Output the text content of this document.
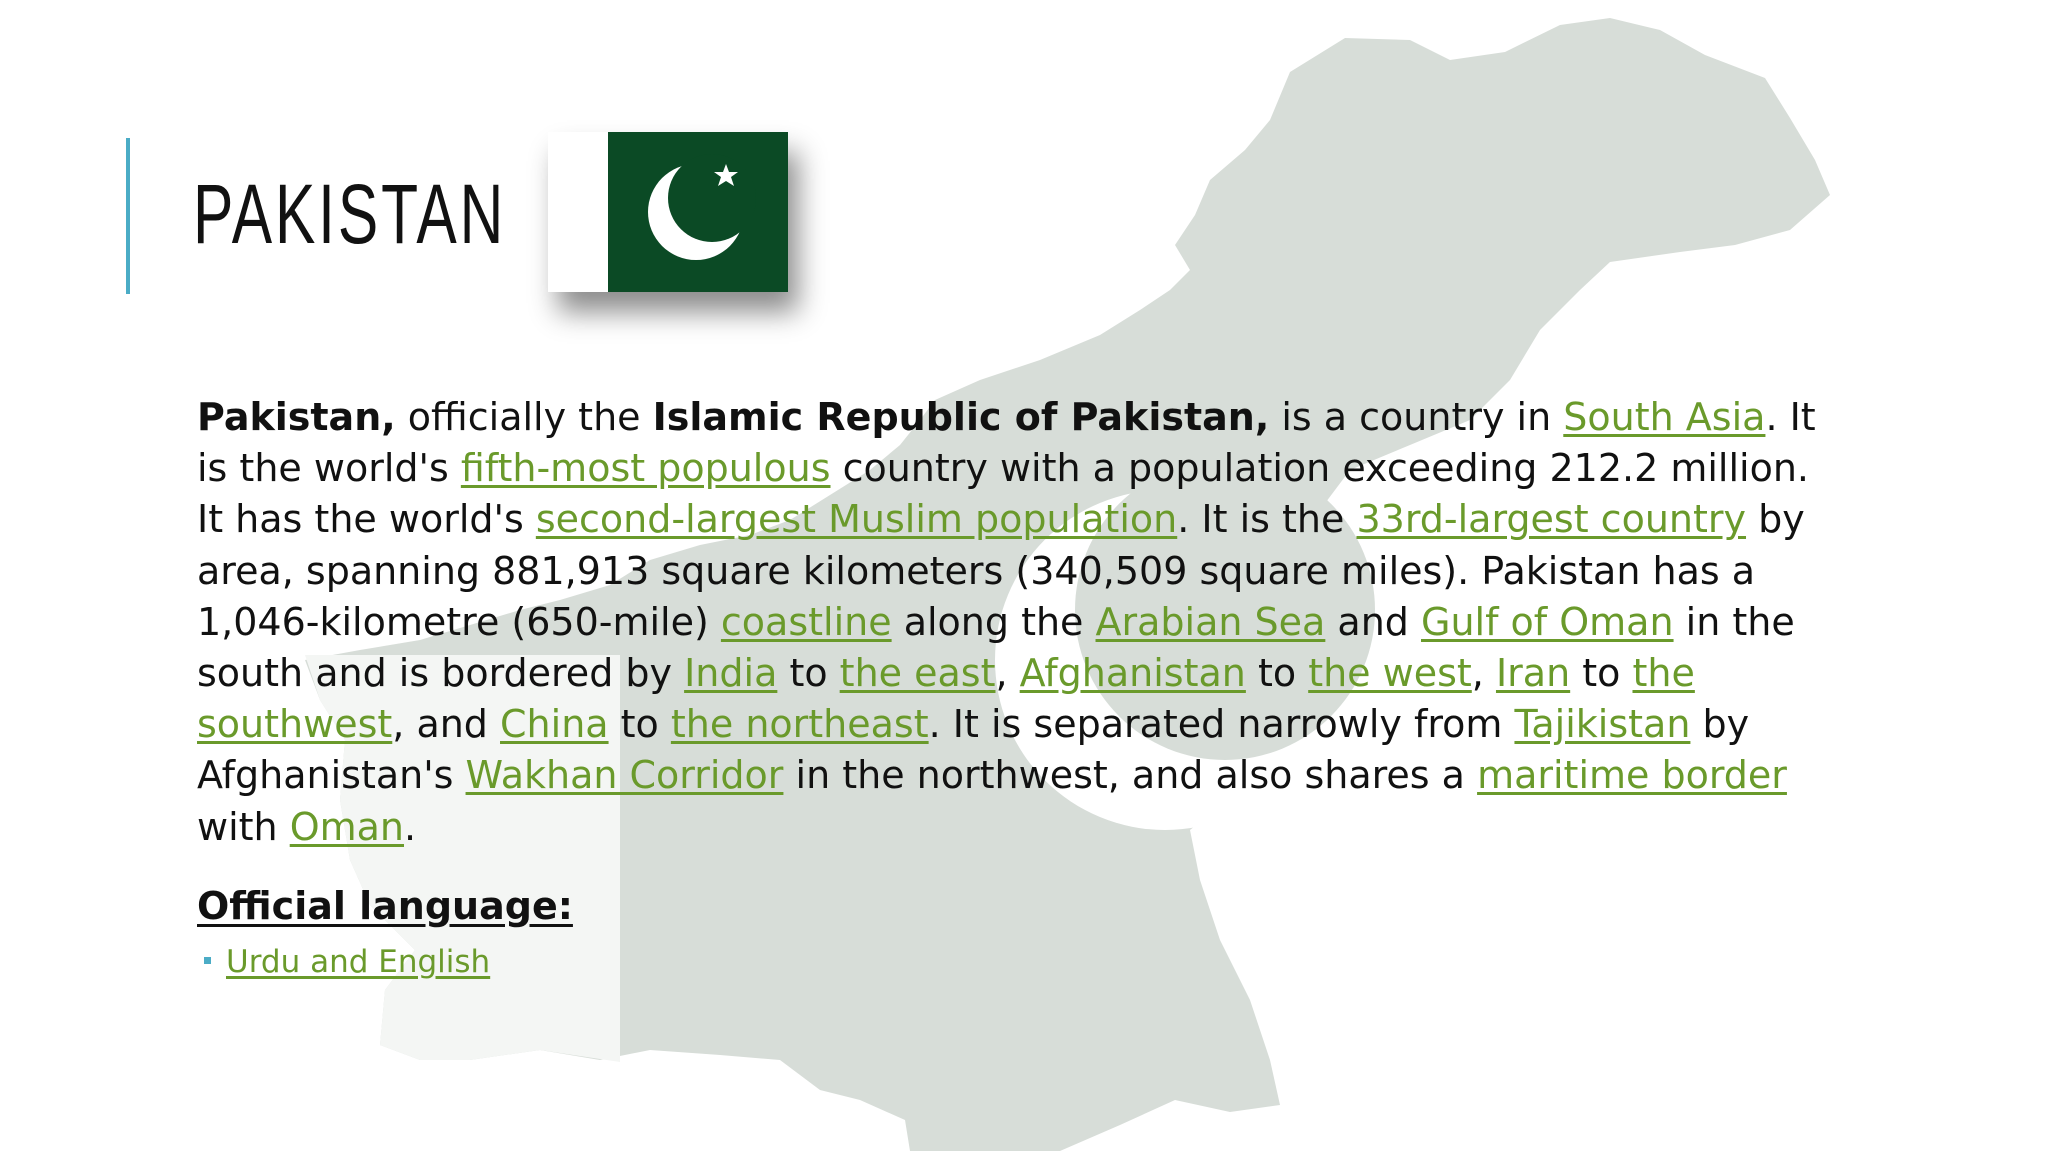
PAKISTAN

Pakistan, officially the Islamic Republic of Pakistan, is a country in South Asia. It is the world's fifth-most populous country with a population exceeding 212.2 million. It has the world's second-largest Muslim population. It is the 33rd-largest country by area, spanning 881,913 square kilometers (340,509 square miles). Pakistan has a 1,046-kilometre (650-mile) coastline along the Arabian Sea and Gulf of Oman in the south and is bordered by India to the east, Afghanistan to the west, Iran to the southwest, and China to the northeast. It is separated narrowly from Tajikistan by Afghanistan's Wakhan Corridor in the northwest, and also shares a maritime border with Oman.

Official language:

Urdu and English
